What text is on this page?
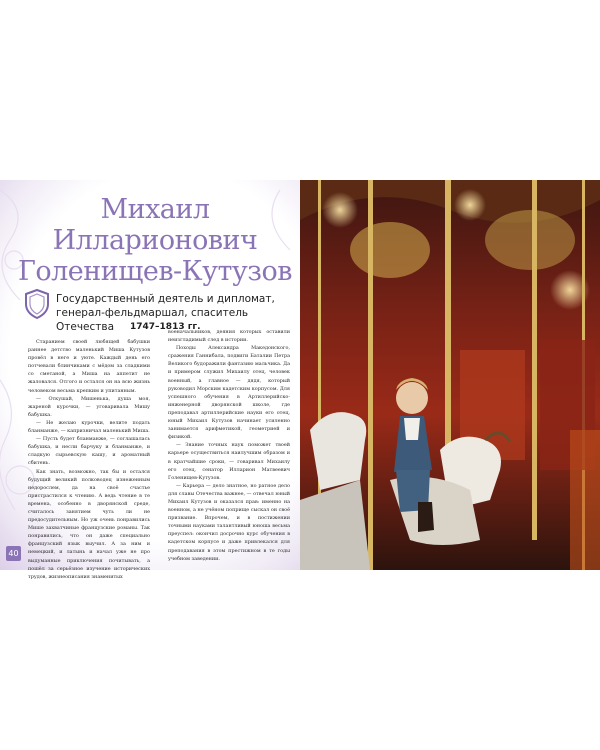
Михаил
Илларионович
Голенищев-Кутузов
Государственный деятель и дипломат,
генерал-фельдмаршал, спаситель Отечества	1747–1813 гг.

Старанием своей любящей бабушки раннее детство маленький Миша Кутузов провёл в неге и уюте. Каждый день его потчевали блинчиками с мёдом за сладкими со сметаной, а Миша на аппетит не жаловался. Отгого и остался он на всю жизнь человеком весьма крепким и упитанным.

— Откушай, Мишенька, душа моя, жареной курочки, — уговаривала Мишу бабушка.

— Не желаю курочки, велите подать бланманже, — капризничал маленький Миша.

— Пусть будет бланманже, — соглашалась бабушка, и несли барчуку и бланманже, и сладкую сырьевскую кашу, и ароматный сбитень.

Как знать, возможно, так бы и остался будущий великий полководец изнеженным недорослем, да на своё счастье пристрастился к чтению. А ведь чтение в те времена, особенно в дворянской среде, считалось занятием чуть ли не предосудительным. Но уж очень понравились Мише захватчиные французские романы. Так понравились, что он даже специально французский язык выучил. А за ним и немецкий, и латынь и начал уже не про выдуманные приключения почитывать, а пошёл за серьёзное изучение исторических трудов, жизнеописания знаменитых

военачальников, деяния которых оставили неизгладимый след в истории.

Походы Александра Македонского, сражения Ганнибала, подвиги Баталии Петра Великого будоражили фантазию мальчика. Да и примером служил Михаилу отец, человек военный, а главное — дядя, который руководил Морским кадетским корпусом. Для успешного обучения в Артиллерийско-инженерной дворянской школе, где преподавал артиллерийские науки его отец, юный Михаил Кутузов начинает усиленно занимается арифметикой, геометрией и физикой.

— Знание точных наук поможет твоей карьере осуществиться наилучшим образом и в кратчайшие сроки, — говаривал Михаилу его отец, сенатор Илларион Матвеевич Голенищев-Кутузов.

— Карьера — дело знатное, но ратное дело для славы Отечества важнее, — отвечал юный Михаил Кутузов и оказался прав: именно на военном, а не учёном поприще сыскал он своё призвание. Впрочем, и в постижении точными науками талантливый юноша весьма преуспел: окончил досрочно курс обучения в кадетском корпусе и даже привлекался для преподавания в этом престижном в те годы учебном заведении.

40
